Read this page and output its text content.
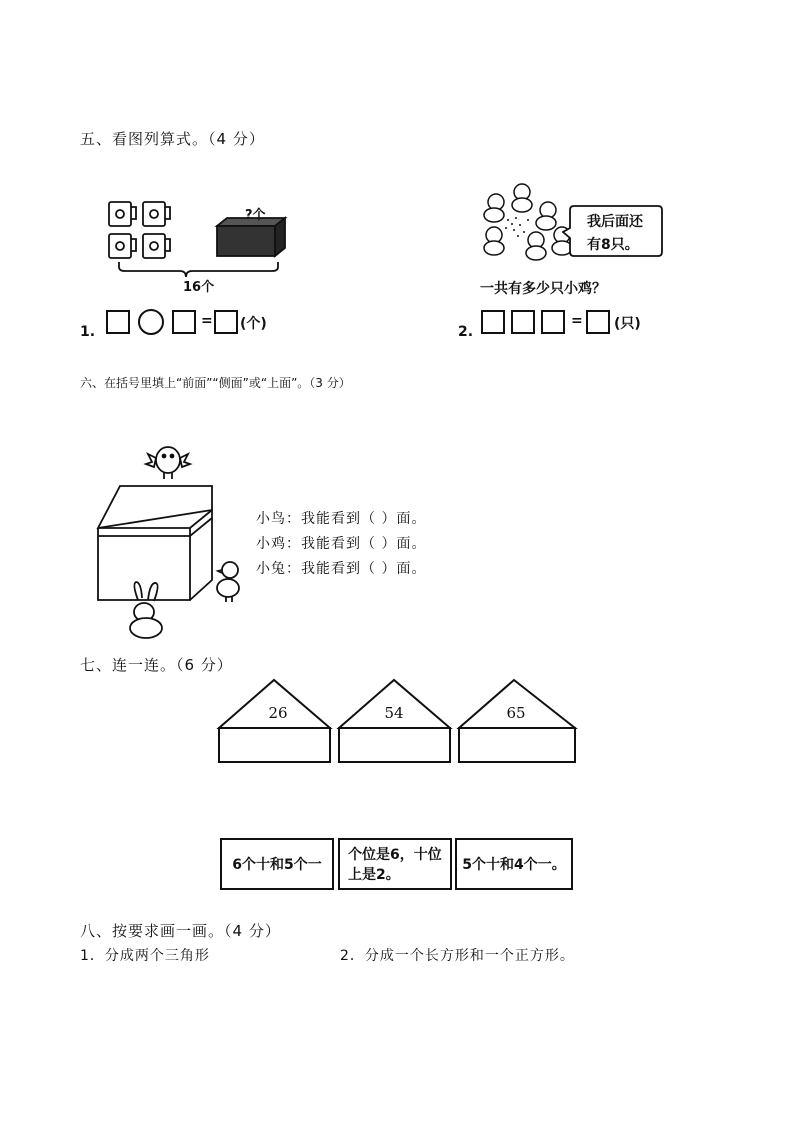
五、看图列算式。（4 分）
?个
16个
1.
= (个)
我后面还
有8只。
一共有多少只小鸡？
2.
= (只)
六、在括号里填上“前面”“侧面”或“上面”。（3 分）
小鸟：我能看到（ ）面。
小鸡：我能看到（ ）面。
小兔：我能看到（ ）面。
七、连一连。（6 分）
26	54	65
6个十和5个一
个位是6，十位
上是2。
5个十和4个一。
八、按要求画一画。（4 分）
1．分成两个三角形	2．分成一个长方形和一个正方形。
